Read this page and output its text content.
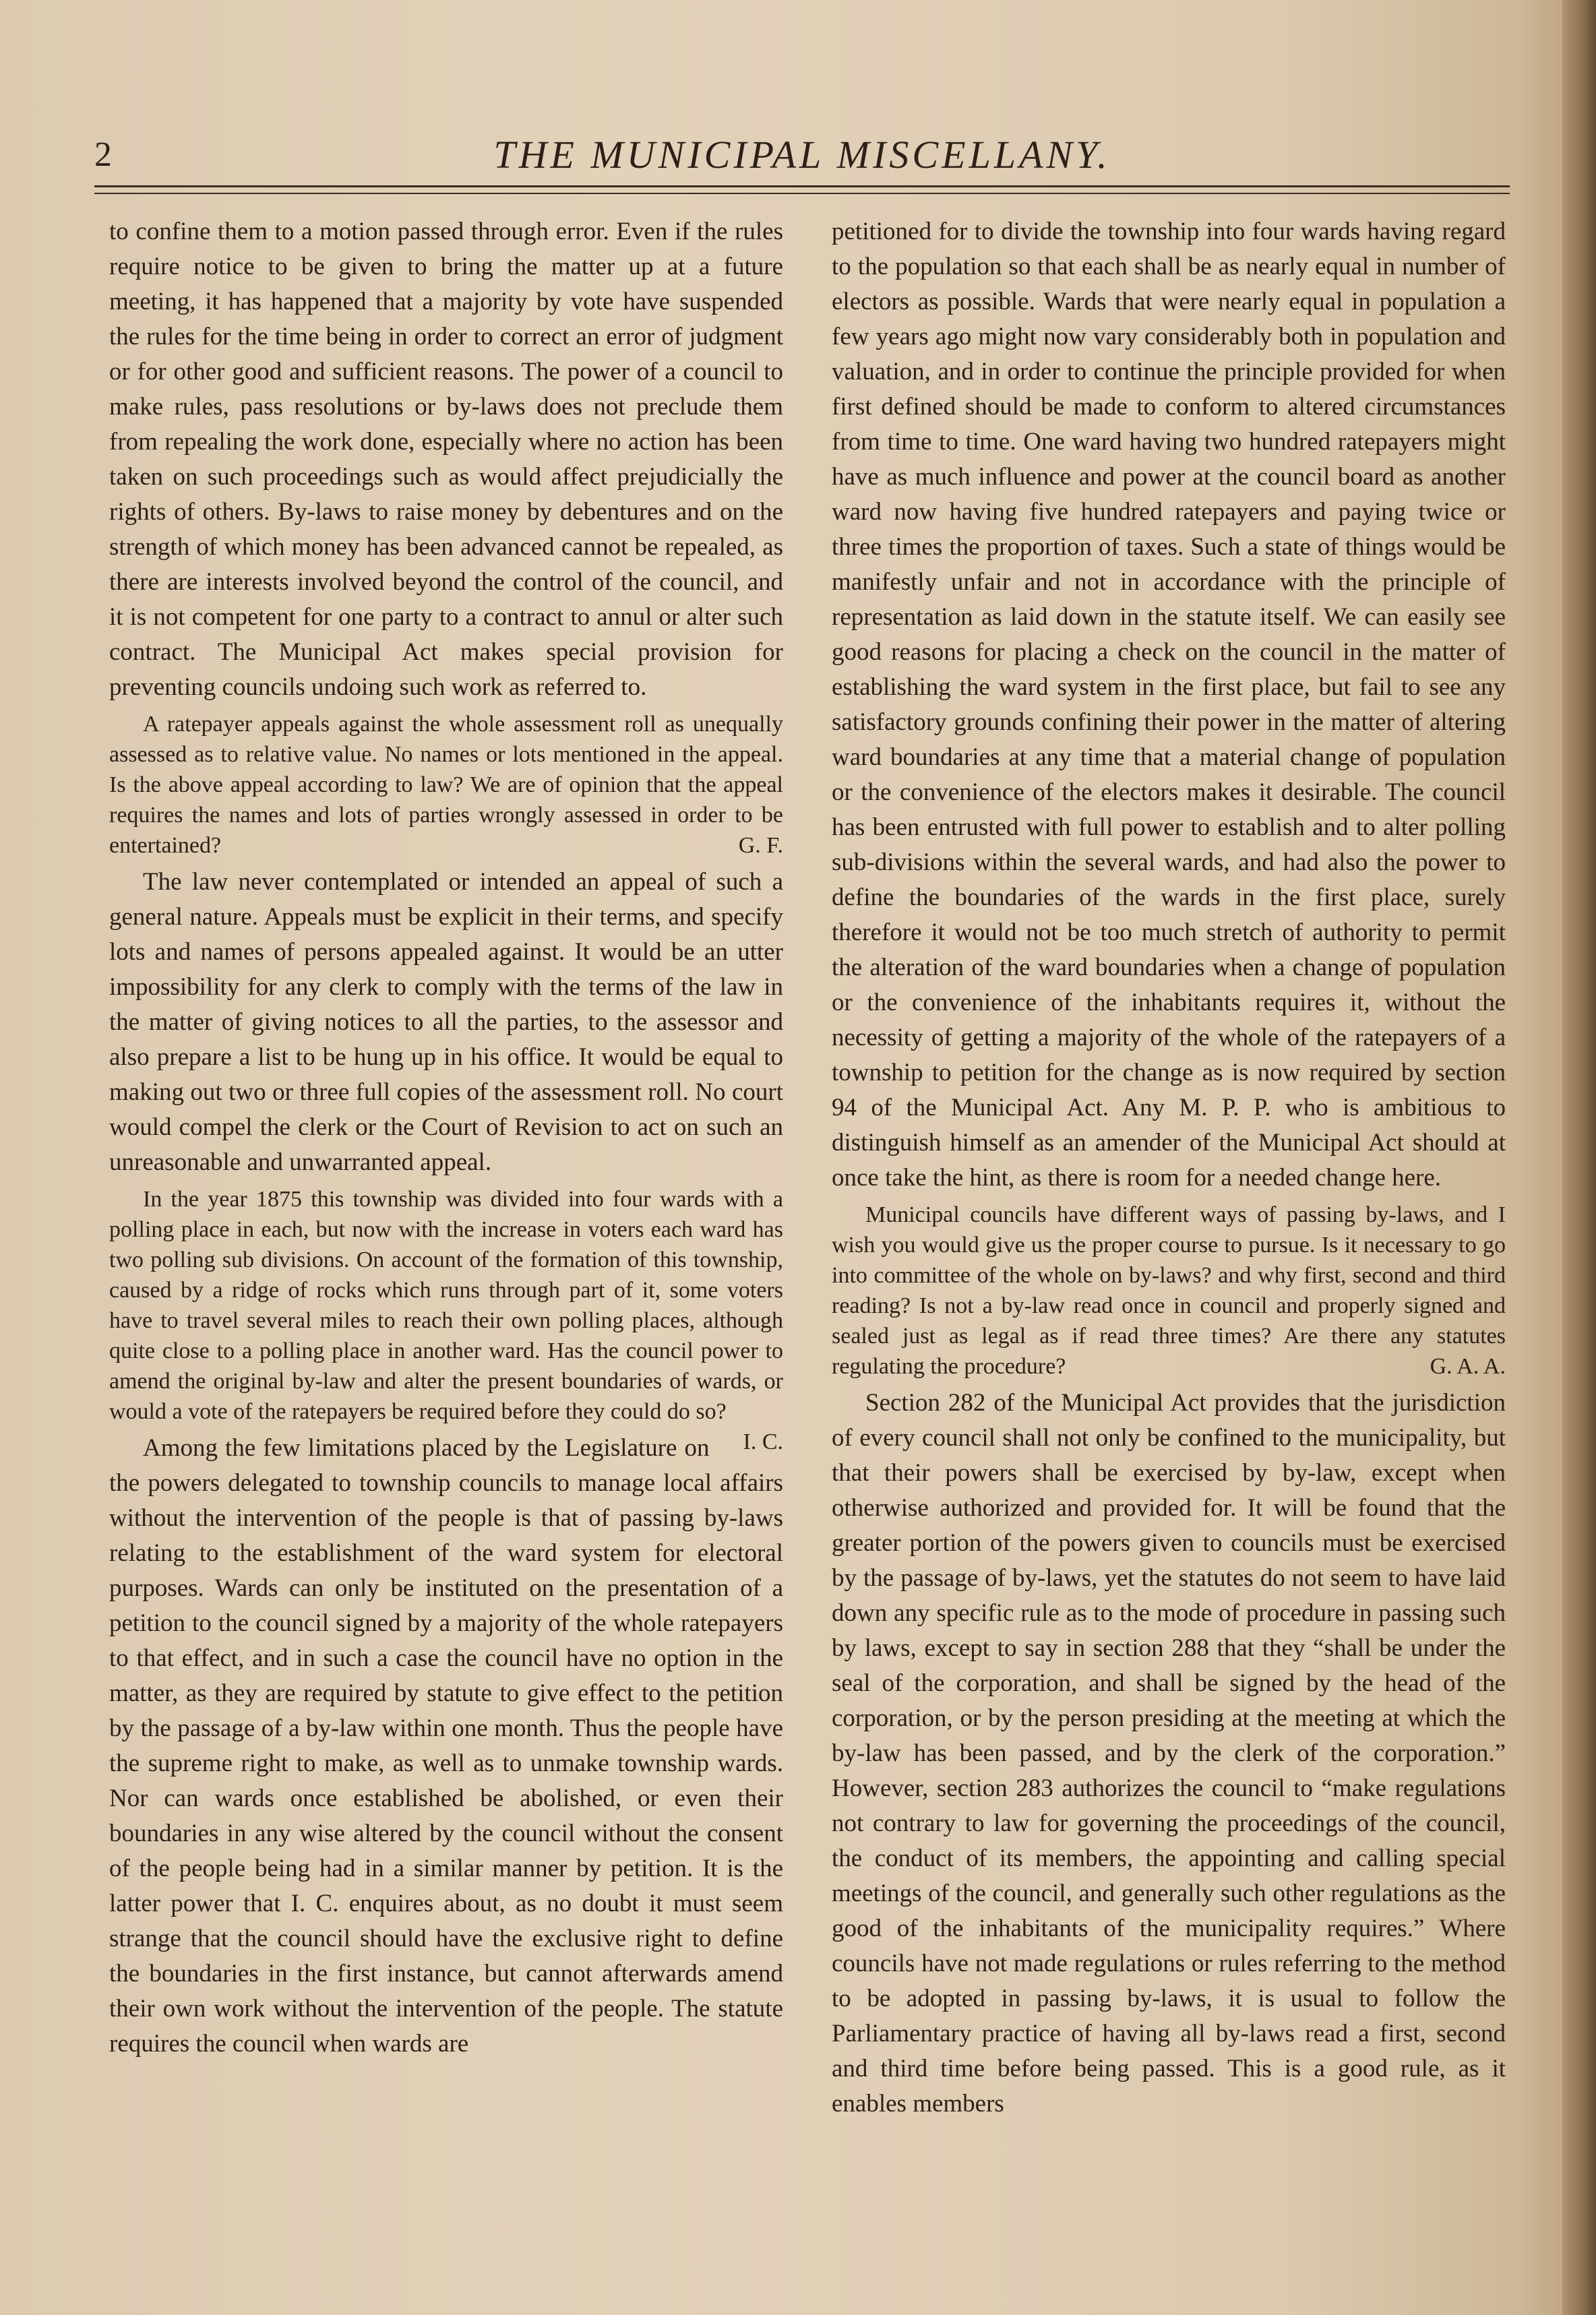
2	THE MUNICIPAL MISCELLANY.

to confine them to a motion passed through error. Even if the rules require notice to be given to bring the matter up at a future meeting, it has happened that a majority by vote have suspended the rules for the time being in order to correct an error of judgment or for other good and sufficient reasons. The power of a council to make rules, pass resolutions or by-laws does not preclude them from repealing the work done, especially where no action has been taken on such proceedings such as would affect prejudicially the rights of others. By-laws to raise money by debentures and on the strength of which money has been advanced cannot be repealed, as there are interests involved beyond the control of the council, and it is not competent for one party to a contract to annul or alter such contract. The Municipal Act makes special provision for preventing councils undoing such work as referred to.

A ratepayer appeals against the whole assessment roll as unequally assessed as to relative value. No names or lots mentioned in the appeal. Is the above appeal according to law? We are of opinion that the appeal requires the names and lots of parties wrongly assessed in order to be entertained?	G. F.

The law never contemplated or intended an appeal of such a general nature. Appeals must be explicit in their terms, and specify lots and names of persons appealed against. It would be an utter impossibility for any clerk to comply with the terms of the law in the matter of giving notices to all the parties, to the assessor and also prepare a list to be hung up in his office. It would be equal to making out two or three full copies of the assessment roll. No court would compel the clerk or the Court of Revision to act on such an unreasonable and unwarranted appeal.

In the year 1875 this township was divided into four wards with a polling place in each, but now with the increase in voters each ward has two polling sub divisions. On account of the formation of this township, caused by a ridge of rocks which runs through part of it, some voters have to travel several miles to reach their own polling places, although quite close to a polling place in another ward. Has the council power to amend the original by-law and alter the present boundaries of wards, or would a vote of the ratepayers be required before they could do so?
I. C.

Among the few limitations placed by the Legislature on the powers delegated to township councils to manage local affairs without the intervention of the people is that of passing by-laws relating to the establishment of the ward system for electoral purposes. Wards can only be instituted on the presentation of a petition to the council signed by a majority of the whole ratepayers to that effect, and in such a case the council have no option in the matter, as they are required by statute to give effect to the petition by the passage of a by-law within one month. Thus the people have the supreme right to make, as well as to unmake township wards. Nor can wards once established be abolished, or even their boundaries in any wise altered by the council without the consent of the people being had in a similar manner by petition. It is the latter power that I. C. enquires about, as no doubt it must seem strange that the council should have the exclusive right to define the boundaries in the first instance, but cannot afterwards amend their own work without the intervention of the people. The statute requires the council when wards are

petitioned for to divide the township into four wards having regard to the population so that each shall be as nearly equal in number of electors as possible. Wards that were nearly equal in population a few years ago might now vary considerably both in population and valuation, and in order to continue the principle provided for when first defined should be made to conform to altered circumstances from time to time. One ward having two hundred ratepayers might have as much influence and power at the council board as another ward now having five hundred ratepayers and paying twice or three times the proportion of taxes. Such a state of things would be manifestly unfair and not in accordance with the principle of representation as laid down in the statute itself. We can easily see good reasons for placing a check on the council in the matter of establishing the ward system in the first place, but fail to see any satisfactory grounds confining their power in the matter of altering ward boundaries at any time that a material change of population or the convenience of the electors makes it desirable. The council has been entrusted with full power to establish and to alter polling sub-divisions within the several wards, and had also the power to define the boundaries of the wards in the first place, surely therefore it would not be too much stretch of authority to permit the alteration of the ward boundaries when a change of population or the convenience of the inhabitants requires it, without the necessity of getting a majority of the whole of the ratepayers of a township to petition for the change as is now required by section 94 of the Municipal Act. Any M. P. P. who is ambitious to distinguish himself as an amender of the Municipal Act should at once take the hint, as there is room for a needed change here.

Municipal councils have different ways of passing by-laws, and I wish you would give us the proper course to pursue. Is it necessary to go into committee of the whole on by-laws? and why first, second and third reading? Is not a by-law read once in council and properly signed and sealed just as legal as if read three times? Are there any statutes regulating the procedure?	G. A. A.

Section 282 of the Municipal Act provides that the jurisdiction of every council shall not only be confined to the municipality, but that their powers shall be exercised by by-law, except when otherwise authorized and provided for. It will be found that the greater portion of the powers given to councils must be exercised by the passage of by-laws, yet the statutes do not seem to have laid down any specific rule as to the mode of procedure in passing such by laws, except to say in section 288 that they “shall be under the seal of the corporation, and shall be signed by the head of the corporation, or by the person presiding at the meeting at which the by-law has been passed, and by the clerk of the corporation.” However, section 283 authorizes the council to “make regulations not contrary to law for governing the proceedings of the council, the conduct of its members, the appointing and calling special meetings of the council, and generally such other regulations as the good of the inhabitants of the municipality requires.” Where councils have not made regulations or rules referring to the method to be adopted in passing by-laws, it is usual to follow the Parliamentary practice of having all by-laws read a first, second and third time before being passed. This is a good rule, as it enables members
